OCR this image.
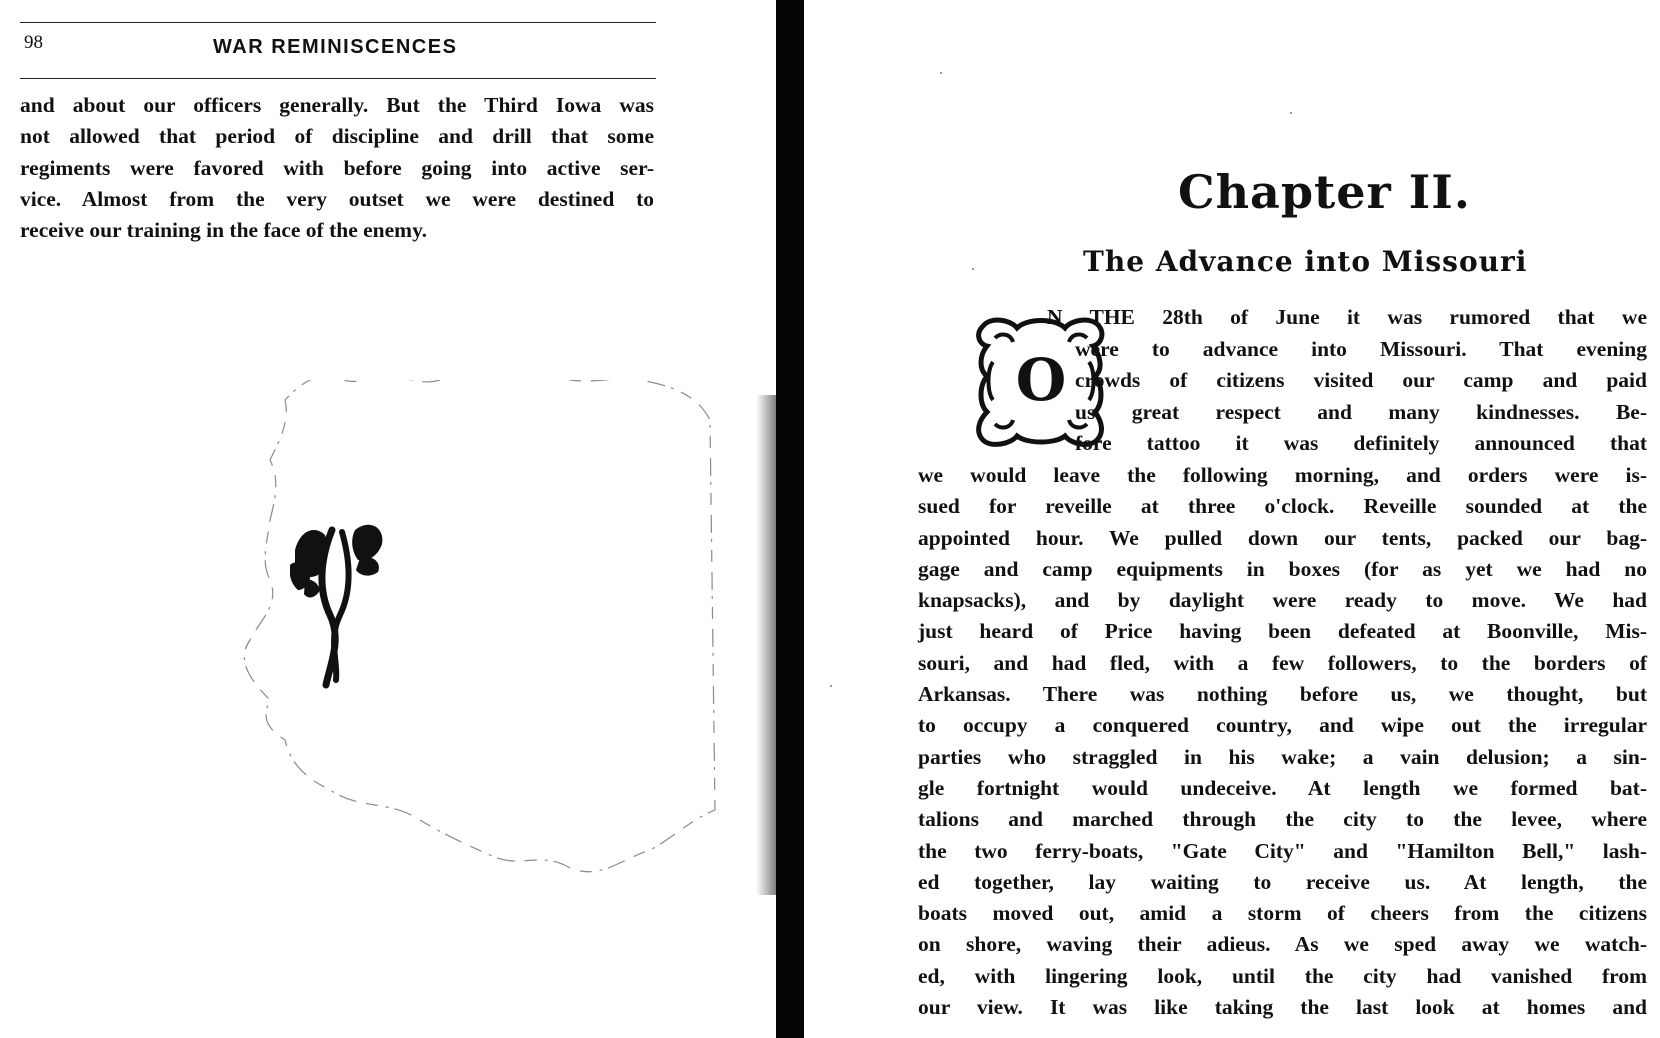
98	WAR REMINISCENCES
and about our officers generally. But the Third Iowa was
not allowed that period of discipline and drill that some
regiments were favored with before going into active ser-
vice. Almost from the very outset we were destined to
receive our training in the face of the enemy.
Chapter II.
The Advance into Missouri
O

N THE 28th of June it was rumored that we

were to advance into Missouri. That evening
crowds of citizens visited our camp and paid
us great respect and many kindnesses. Be-
fore tattoo it was definitely announced that
we would leave the following morning, and orders were is-
sued for reveille at three o'clock. Reveille sounded at the
appointed hour. We pulled down our tents, packed our bag-
gage and camp equipments in boxes (for as yet we had no
knapsacks), and by daylight were ready to move. We had
just heard of Price having been defeated at Boonville, Mis-
souri, and had fled, with a few followers, to the borders of
Arkansas. There was nothing before us, we thought, but
to occupy a conquered country, and wipe out the irregular
parties who straggled in his wake; a vain delusion; a sin-
gle fortnight would undeceive. At length we formed bat-
talions and marched through the city to the levee, where
the two ferry-boats, "Gate City" and "Hamilton Bell," lash-
ed together, lay waiting to receive us. At length, the
boats moved out, amid a storm of cheers from the citizens
on shore, waving their adieus. As we sped away we watch-
ed, with lingering look, until the city had vanished from
our view. It was like taking the last look at homes and
